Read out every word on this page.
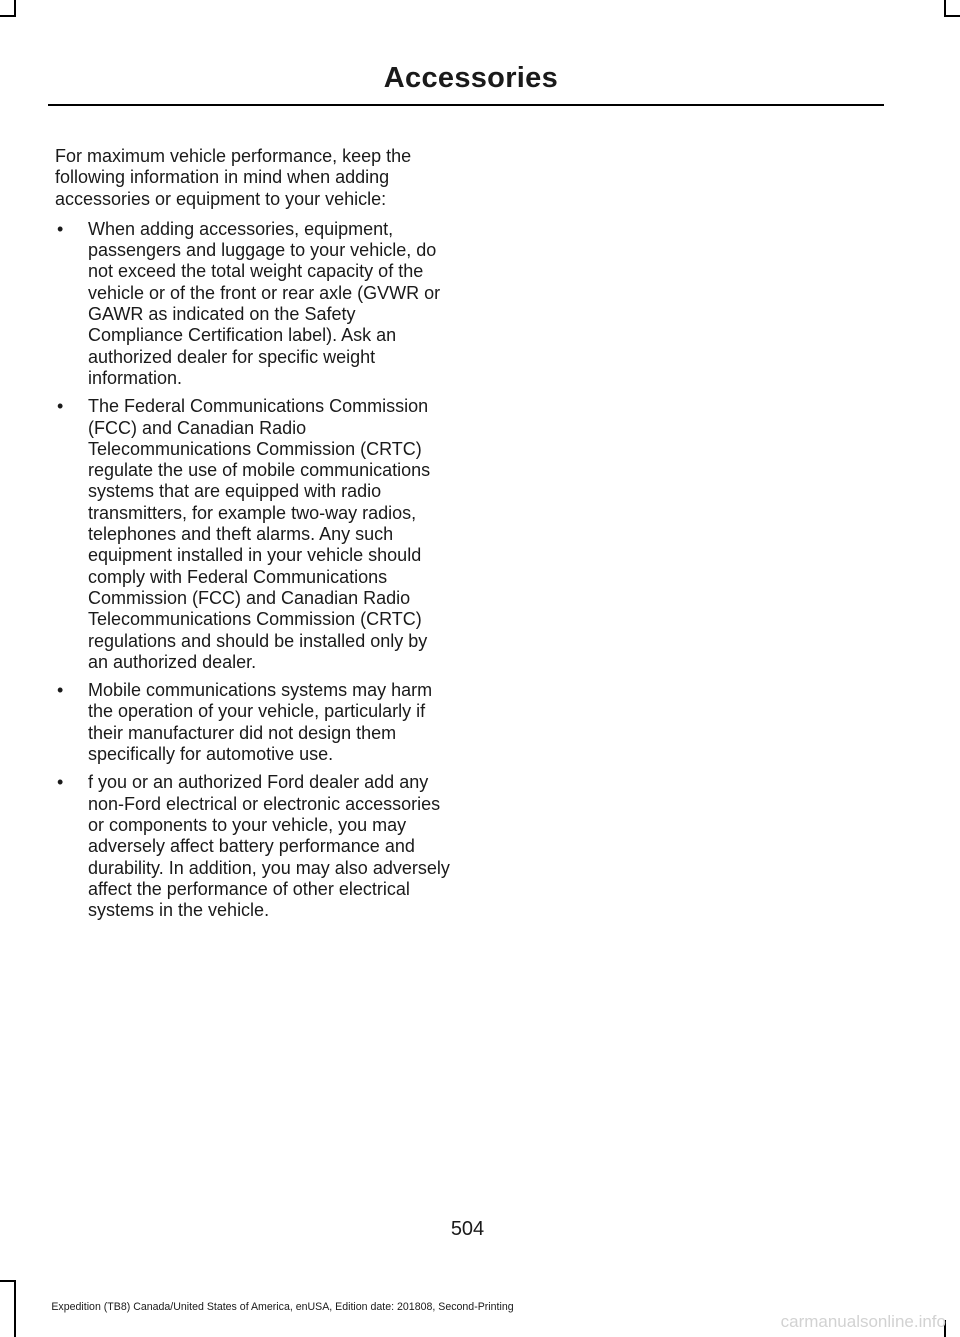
Accessories

For maximum vehicle performance, keep the following information in mind when adding accessories or equipment to your vehicle:

• When adding accessories, equipment, passengers and luggage to your vehicle, do not exceed the total weight capacity of the vehicle or of the front or rear axle (GVWR or GAWR as indicated on the Safety Compliance Certification label). Ask an authorized dealer for specific weight information.
• The Federal Communications Commission (FCC) and Canadian Radio Telecommunications Commission (CRTC) regulate the use of mobile communications systems that are equipped with radio transmitters, for example two-way radios, telephones and theft alarms. Any such equipment installed in your vehicle should comply with Federal Communications Commission (FCC) and Canadian Radio Telecommunications Commission (CRTC) regulations and should be installed only by an authorized dealer.
• Mobile communications systems may harm the operation of your vehicle, particularly if their manufacturer did not design them specifically for automotive use.
• f you or an authorized Ford dealer add any non-Ford electrical or electronic accessories or components to your vehicle, you may adversely affect battery performance and durability. In addition, you may also adversely affect the performance of other electrical systems in the vehicle.
504
Expedition (TB8) Canada/United States of America, enUSA, Edition date: 201808, Second-Printing
carmanualsonline.info
